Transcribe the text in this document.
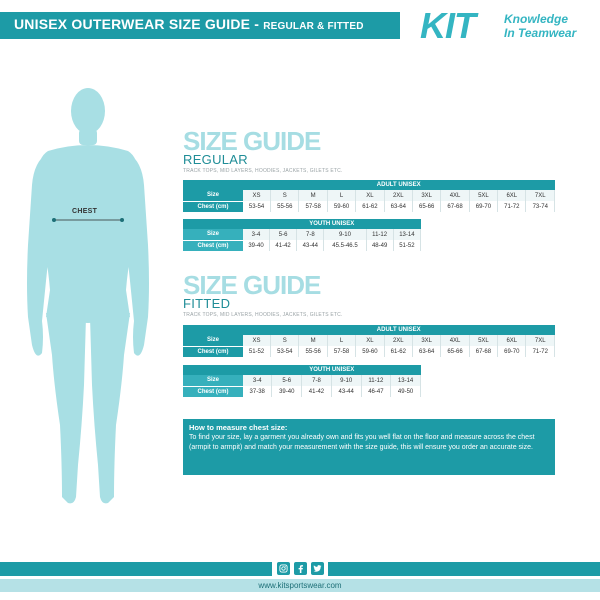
UNISEX OUTERWEAR SIZE GUIDE - REGULAR & FITTED KIT Knowledge
In Teamwear
CHEST
SIZE GUIDE
REGULAR
TRACK TOPS, MID LAYERS, HOODIES, JACKETS, GILETS ETC.
	ADULT UNISEX										
Size	XS	S	M	L	XL	2XL	3XL	4XL	5XL	6XL	7XL
Chest (cm)	53-54	55-56	57-58	59-60	61-62	63-64	65-66	67-68	69-70	71-72	73-74
	YOUTH UNISEX					
Size	3-4	5-6	7-8	9-10	11-12	13-14
Chest (cm)	39-40	41-42	43-44	45.5-46.5	48-49	51-52
SIZE GUIDE
FITTED
TRACK TOPS, MID LAYERS, HOODIES, JACKETS, GILETS ETC.
	ADULT UNISEX										
Size	XS	S	M	L	XL	2XL	3XL	4XL	5XL	6XL	7XL
Chest (cm)	51-52	53-54	55-56	57-58	59-60	61-62	63-64	65-66	67-68	69-70	71-72
	YOUTH UNISEX					
Size	3-4	5-6	7-8	9-10	11-12	13-14
Chest (cm)	37-38	39-40	41-42	43-44	46-47	49-50
How to measure chest size:
To find your size, lay a garment you already own and fits you well flat on the floor and measure across the chest (armpit to armpit) and match your measurement with the size guide, this will ensure you order an accurate size.
www.kitsportswear.com
